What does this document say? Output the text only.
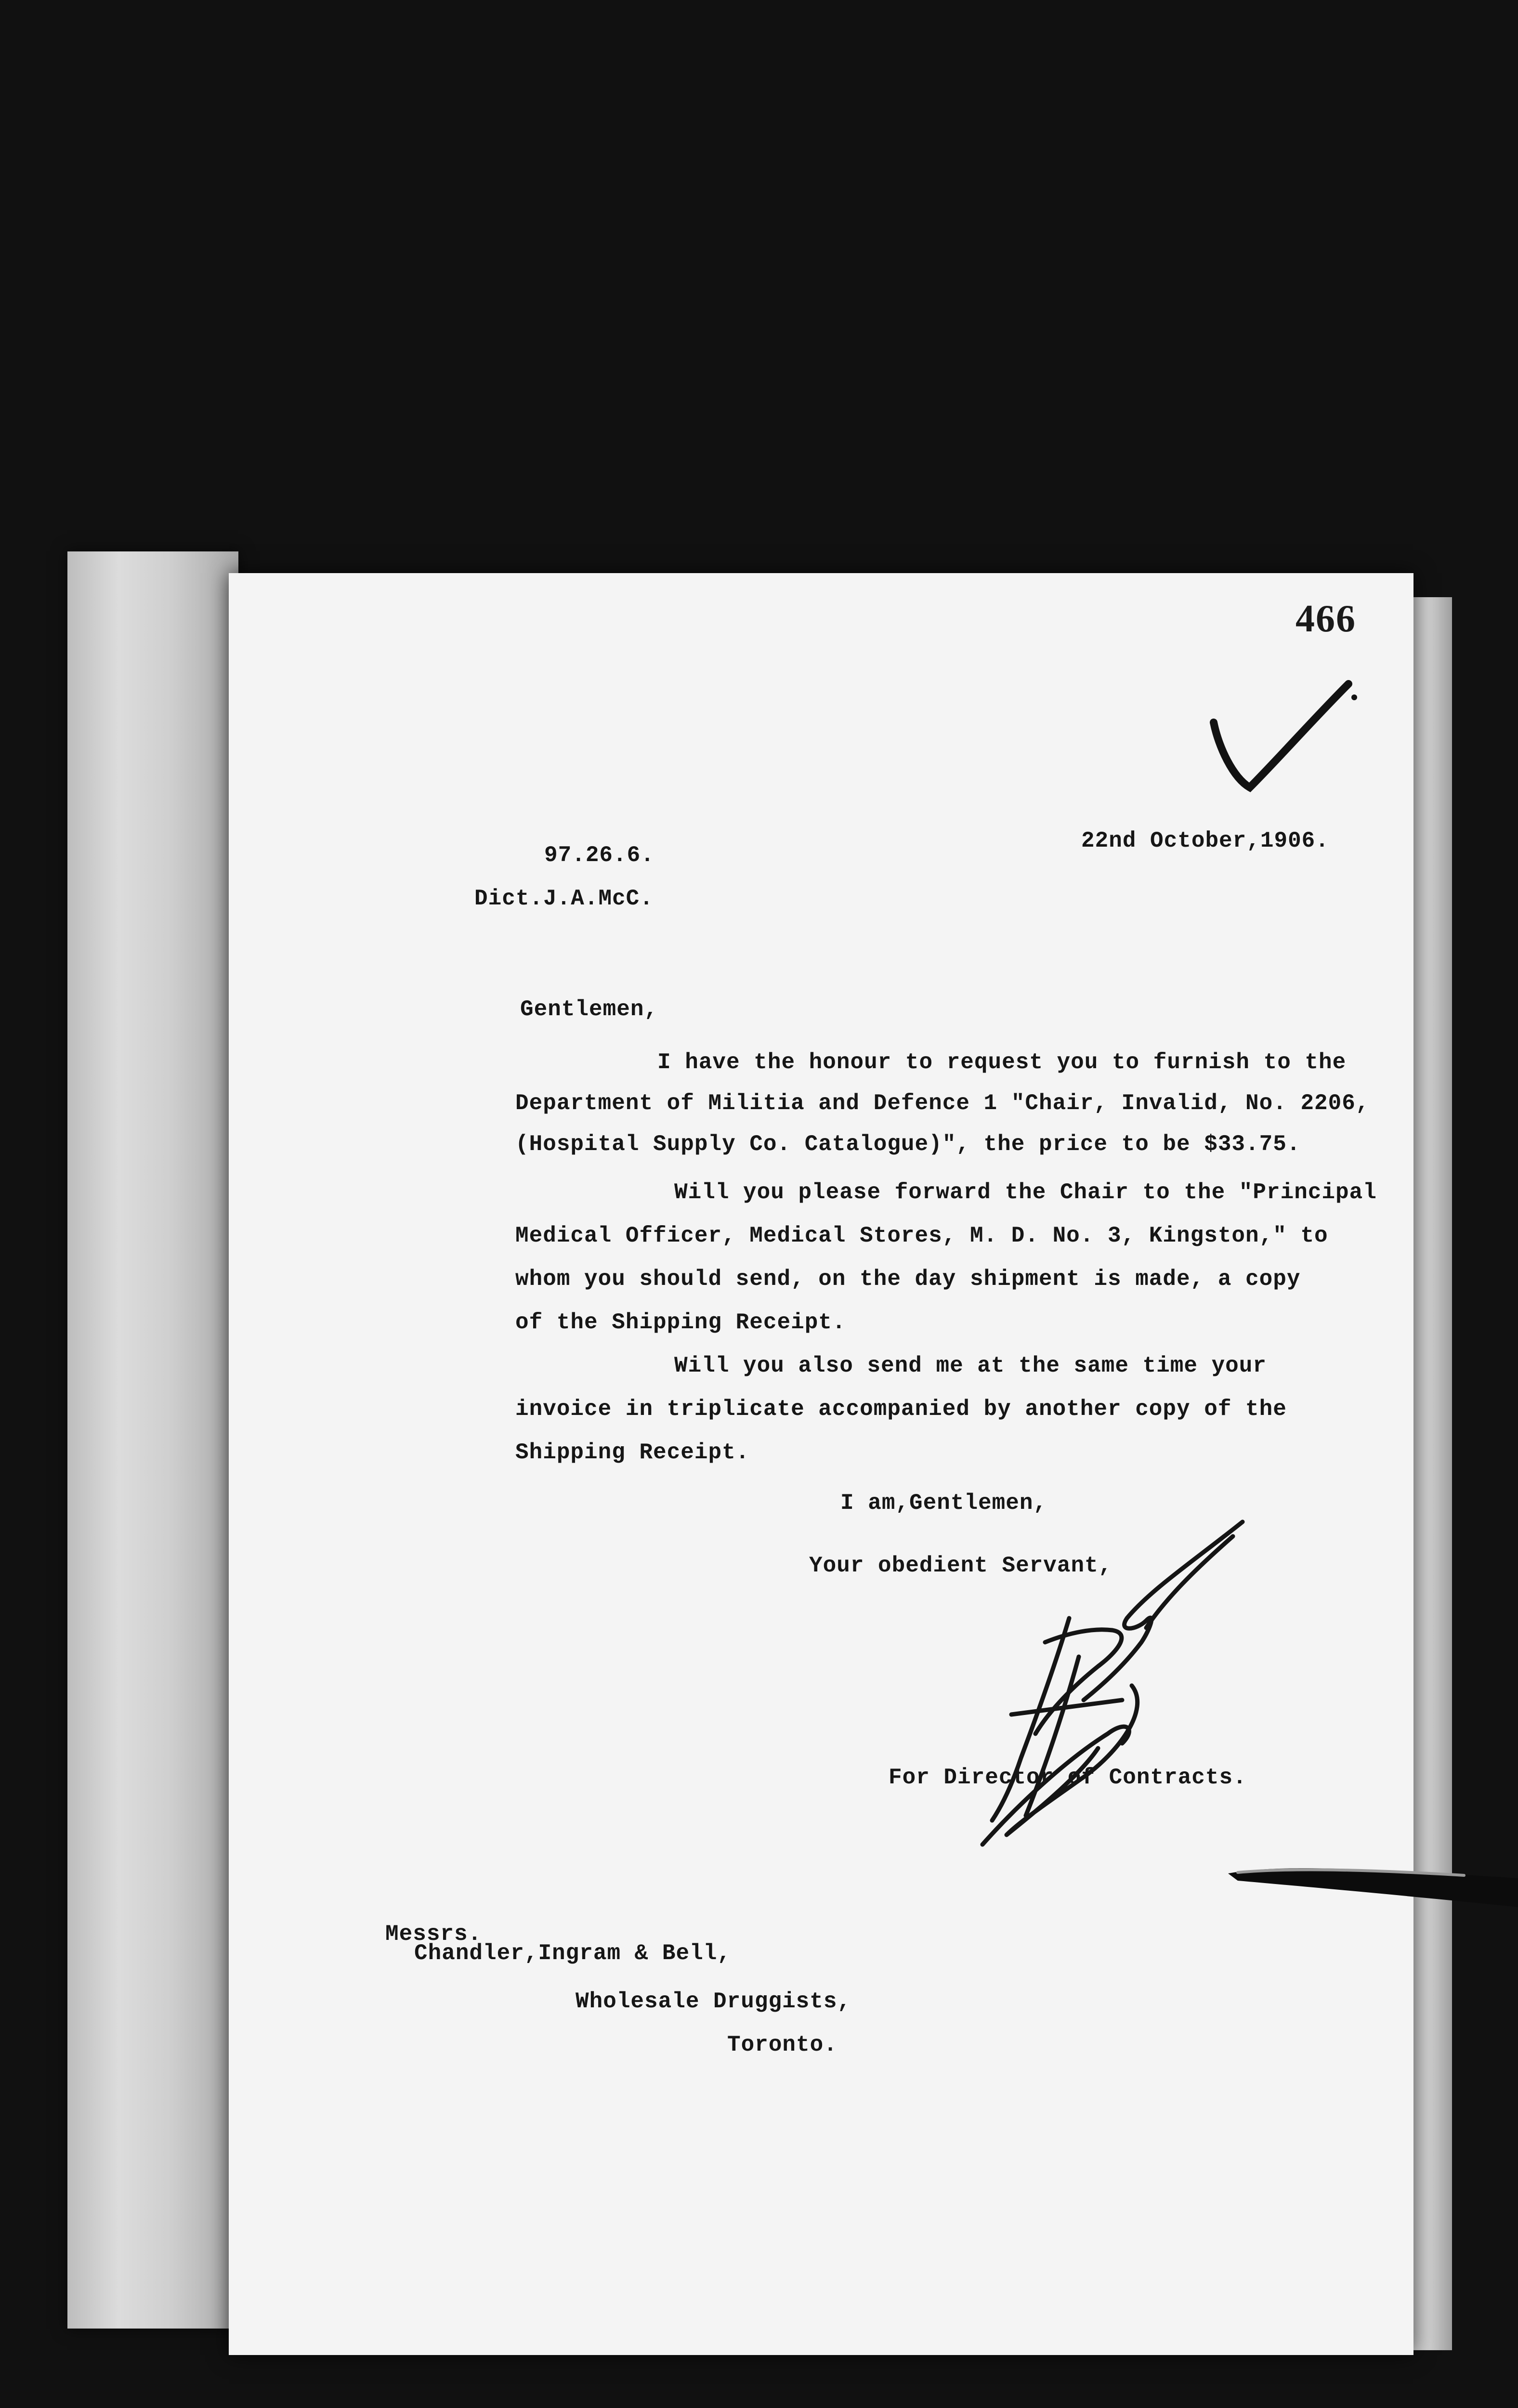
466
97.26.6.
Dict.J.A.McC.
22nd October,1906.
Gentlemen,
I have the honour to request you to furnish to the
Department of Militia and Defence 1 "Chair, Invalid, No. 2206,
(Hospital Supply Co. Catalogue)", the price to be $33.75.
Will you please forward the Chair to the "Principal
Medical Officer, Medical Stores, M. D. No. 3, Kingston," to
whom you should send, on the day shipment is made, a copy
of the Shipping Receipt.
Will you also send me at the same time your
invoice in triplicate accompanied by another copy of the
Shipping Receipt.
I am,Gentlemen,
Your obedient Servant,
For Director of Contracts.
Messrs.
Chandler,Ingram & Bell,
Wholesale Druggists,
Toronto.
